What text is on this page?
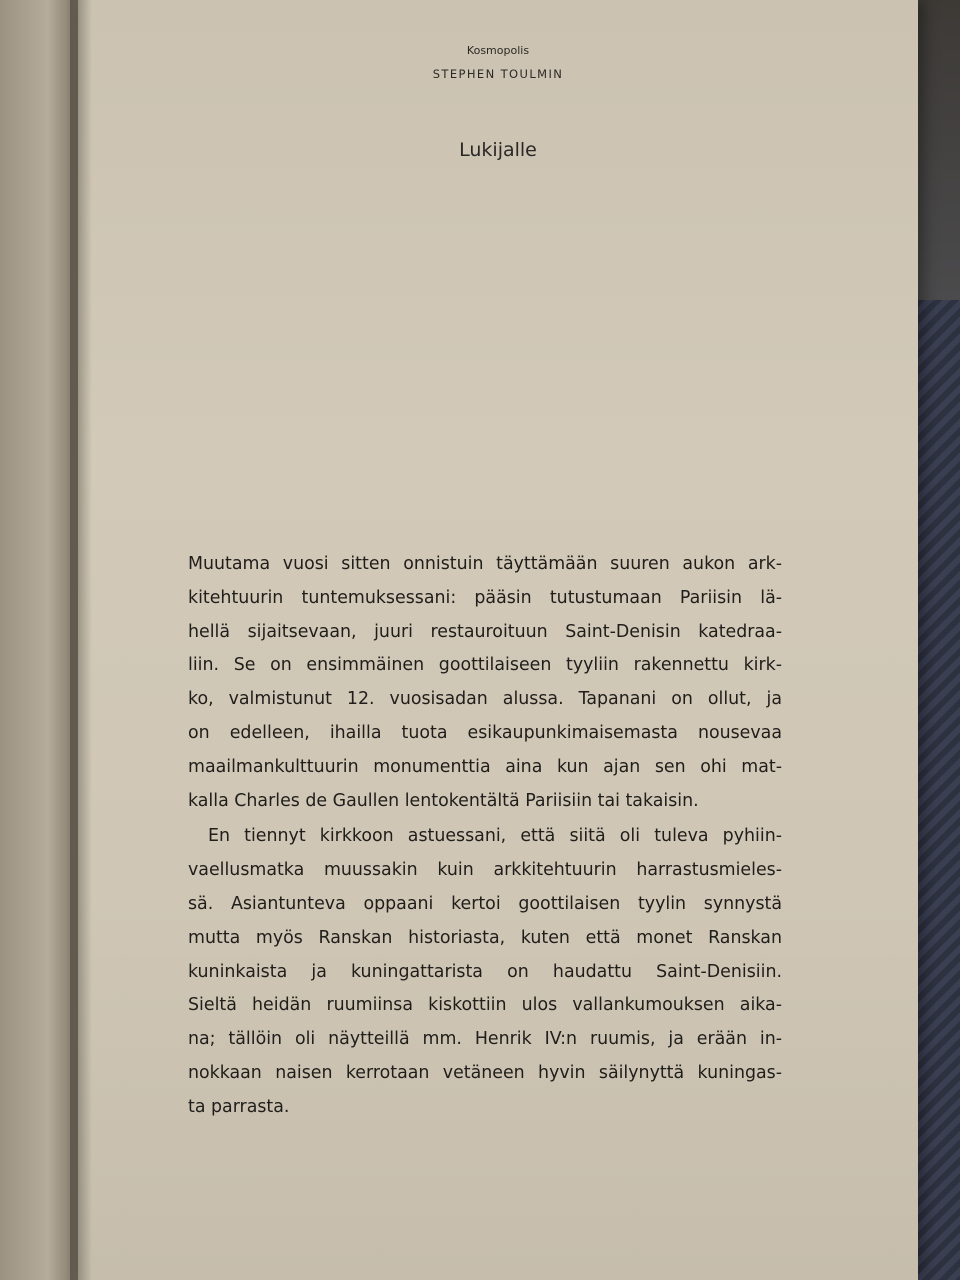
Kosmopolis
STEPHEN TOULMIN
Lukijalle
Muutama vuosi sitten onnistuin täyttämään suuren aukon ark-
kitehtuurin tuntemuksessani: pääsin tutustumaan Pariisin lä-
hellä sijaitsevaan, juuri restauroituun Saint-Denisin katedraa-
liin. Se on ensimmäinen goottilaiseen tyyliin rakennettu kirk-
ko, valmistunut 12. vuosisadan alussa. Tapanani on ollut, ja
on edelleen, ihailla tuota esikaupunkimaisemasta nousevaa
maailmankulttuurin monumenttia aina kun ajan sen ohi mat-
kalla Charles de Gaullen lentokentältä Pariisiin tai takaisin.
En tiennyt kirkkoon astuessani, että siitä oli tuleva pyhiin-
vaellusmatka muussakin kuin arkkitehtuurin harrastusmieles-
sä. Asiantunteva oppaani kertoi goottilaisen tyylin synnystä
mutta myös Ranskan historiasta, kuten että monet Ranskan
kuninkaista ja kuningattarista on haudattu Saint-Denisiin.
Sieltä heidän ruumiinsa kiskottiin ulos vallankumouksen aika-
na; tällöin oli näytteillä mm. Henrik IV:n ruumis, ja erään in-
nokkaan naisen kerrotaan vetäneen hyvin säilynyttä kuningas-
ta parrasta.
